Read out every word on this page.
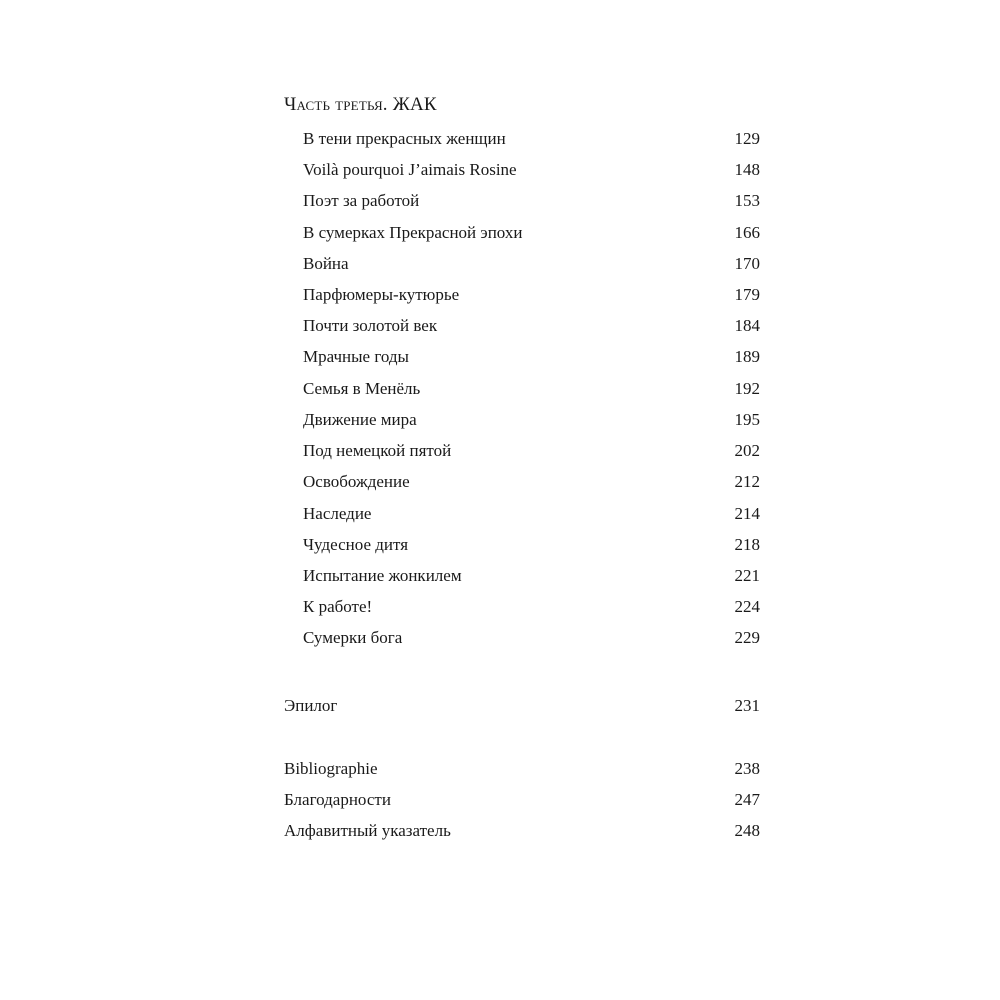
Часть третья. ЖАК
В тени прекрасных женщин	129
Voilà pourquoi J’aimais Rosine	148
Поэт за работой	153
В сумерках Прекрасной эпохи	166
Война	170
Парфюмеры-кутюрье	179
Почти золотой век	184
Мрачные годы	189
Семья в Менёль	192
Движение мира	195
Под немецкой пятой	202
Освобождение	212
Наследие	214
Чудесное дитя	218
Испытание жонкилем	221
К работе!	224
Сумерки бога	229
Эпилог	231
Bibliographie	238
Благодарности	247
Алфавитный указатель	248
